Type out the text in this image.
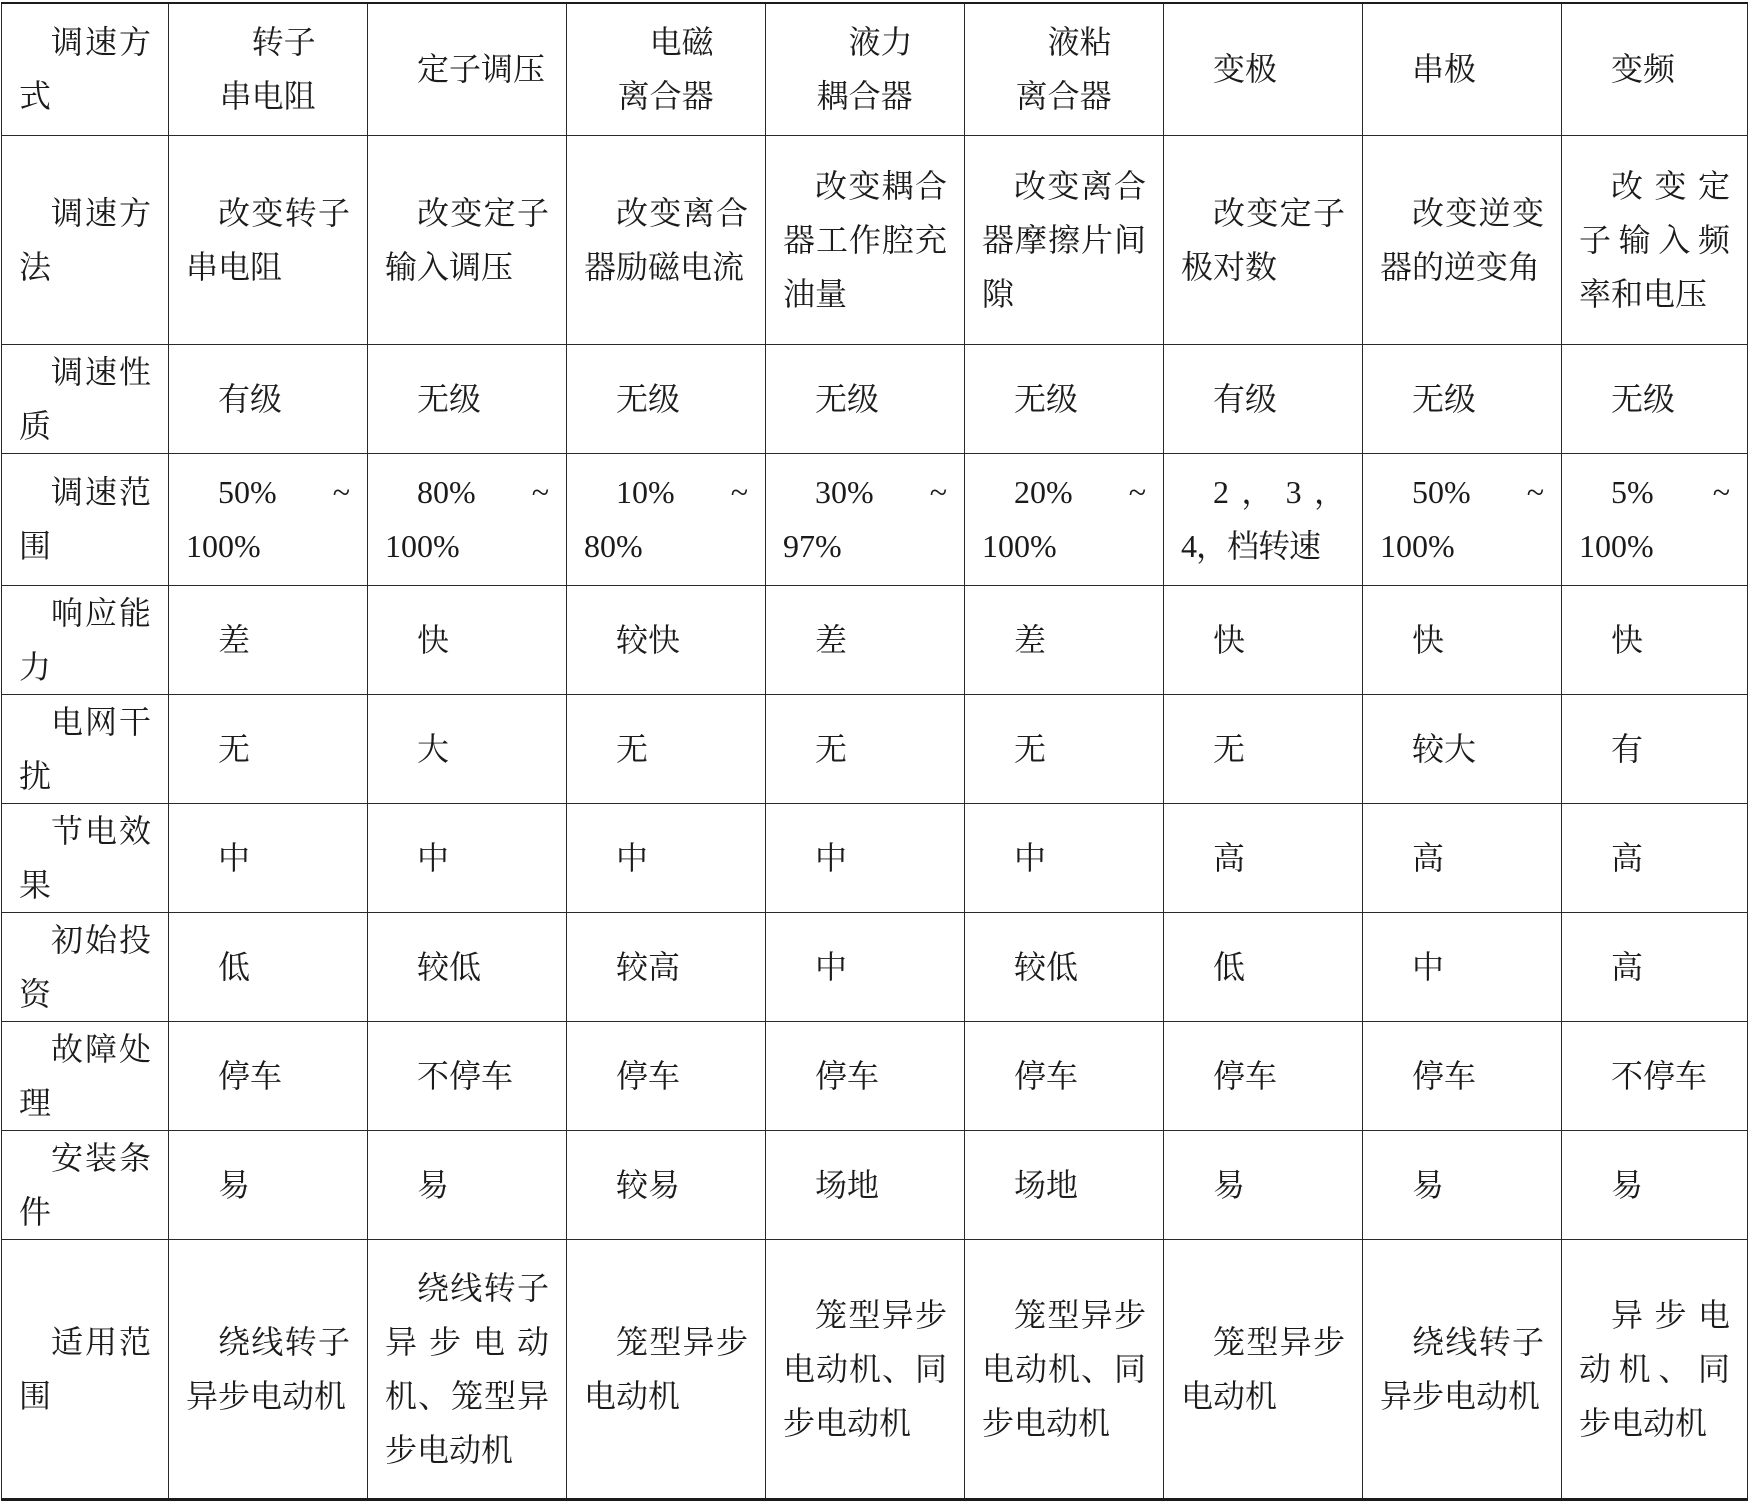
调速方式	转子串电阻	定子调压	电磁离合器	液力耦合器	液粘离合器	变极	串极	变频
调速方法	改变转子串电阻	改变定子输入调压	改变离合器励磁电流	改变耦合器工作腔充油量	改变离合器摩擦片间隙	改变定子极对数	改变逆变器的逆变角	改变定子输入频率和电压
调速性质	有级	无级	无级	无级	无级	有级	无级	无级
调速范围	50% ~ 100%	80% ~ 100%	10% ~ 80%	30% ~ 97%	20% ~ 100%	2，3，4，档转速	50% ~ 100%	5% ~ 100%
响应能力	差	快	较快	差	差	快	快	快
电网干扰	无	大	无	无	无	无	较大	有
节电效果	中	中	中	中	中	高	高	高
初始投资	低	较低	较高	中	较低	低	中	高
故障处理	停车	不停车	停车	停车	停车	停车	停车	不停车
安装条件	易	易	较易	场地	场地	易	易	易
适用范围	绕线转子异步电动机	绕线转子异步电动机、笼型异步电动机	笼型异步电动机	笼型异步电动机、同步电动机	笼型异步电动机、同步电动机	笼型异步电动机	绕线转子异步电动机	异步电动机、同步电动机
